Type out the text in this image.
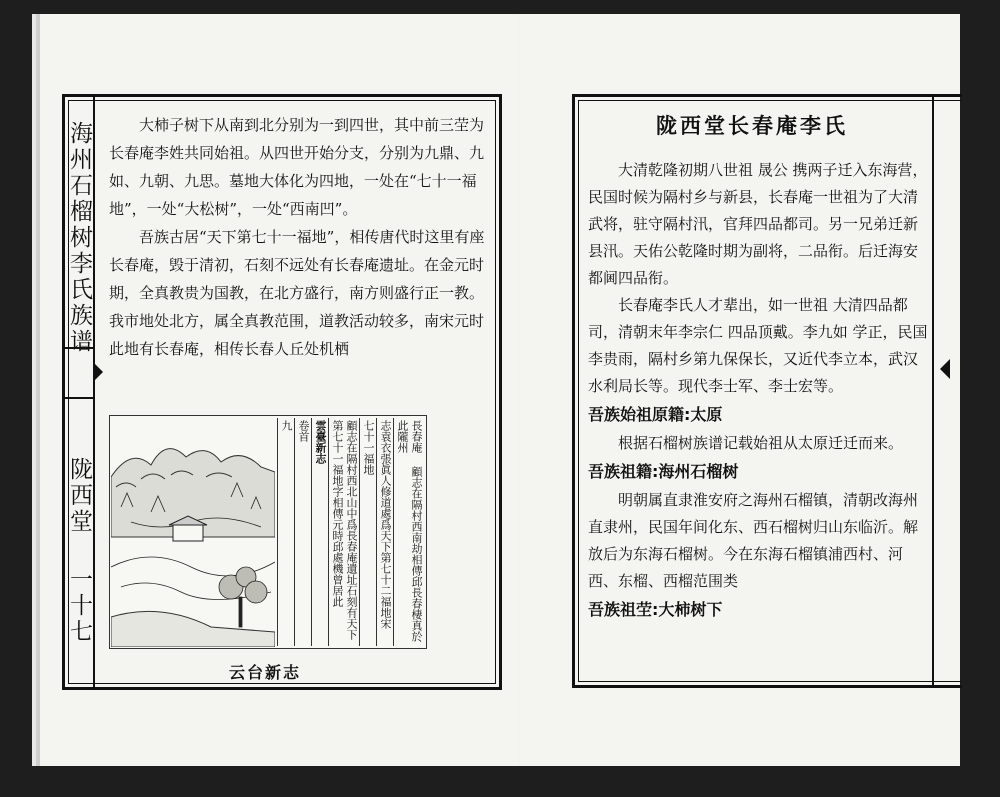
海州石榴树李氏族谱
陇西堂
一十七

大柿子树下从南到北分别为一到四世，其中前三茔为长春庵李姓共同始祖。从四世开始分支，分别为九鼎、九如、九朝、九思。墓地大体化为四地，一处在“七十一福地”，一处“大松树”，一处“西南凹”。

吾族古居“天下第七十一福地”，相传唐代时这里有座长春庵，毁于清初，石刻不远处有长春庵遗址。在金元时期，全真教贵为国教，在北方盛行，南方则盛行正一教。我市地处北方，属全真教范围，道教活动较多，南宋元时此地有长春庵，相传长春人丘处机栖

長春庵 顧志在隔村西南劫相傳邱長春棲真於此隴州
志袁衣張眞人修道處爲天下第七十二福地宋
七十一福地
顧志在隔村西北山中爲長春庵遺址石刻有天下第七十一福地字相傳元時邱處機曾居此
雲臺新志
卷首
九
云台新志
陇西堂长春庵李氏

大清乾隆初期八世祖 晟公 携两子迁入东海营，民国时候为隔村乡与新县，长春庵一世祖为了大清武将，驻守隔村汛，官拜四品都司。另一兄弟迁新县汛。天佑公乾隆时期为副将，二品衔。后迁海安都阃四品衔。

长春庵李氏人才辈出，如一世祖 大清四品都司，清朝末年李宗仁 四品顶戴。李九如 学正，民国李贵雨，隔村乡第九保保长，又近代李立本，武汉水利局长等。现代李士军、李士宏等。

吾族始祖原籍:太原

根据石榴树族谱记载始祖从太原迁迁而来。

吾族祖籍:海州石榴树

明朝属直隶淮安府之海州石榴镇，清朝改海州直隶州，民国年间化东、西石榴树归山东临沂。解放后为东海石榴树。今在东海石榴镇浦西村、河西、东榴、西榴范围类

吾族祖茔:大柿树下
